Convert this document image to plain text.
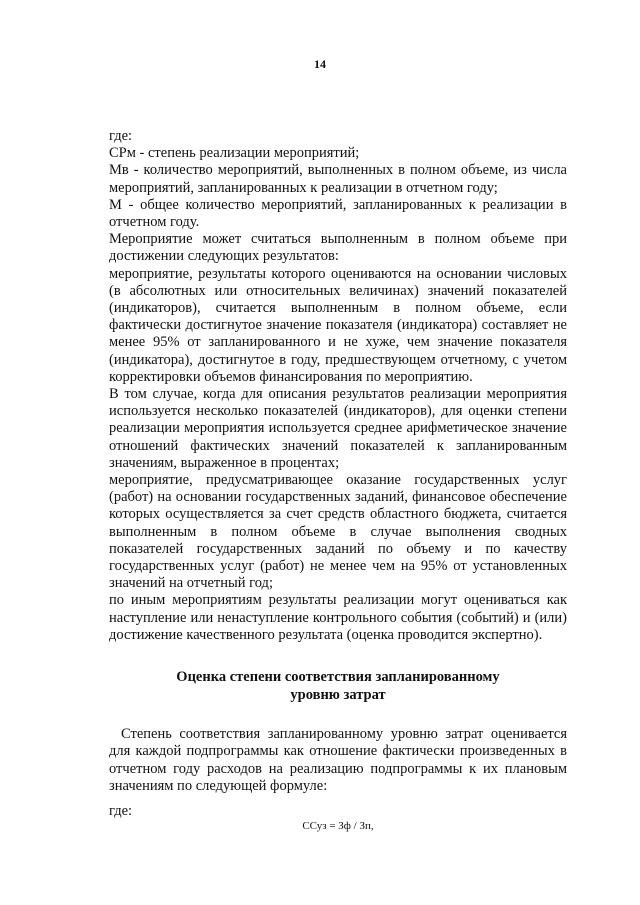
14

где:

СРм - степень реализации мероприятий;

Мв - количество мероприятий, выполненных в полном объеме, из числа мероприятий, запланированных к реализации в отчетном году;

М - общее количество мероприятий, запланированных к реализации в отчетном году.

Мероприятие может считаться выполненным в полном объеме при достижении следующих результатов:

мероприятие, результаты которого оцениваются на основании числовых (в абсолютных или относительных величинах) значений показателей (индикаторов), считается выполненным в полном объеме, если фактически достигнутое значение показателя (индикатора) составляет не менее 95% от запланированного и не хуже, чем значение показателя (индикатора), достигнутое в году, предшествующем отчетному, с учетом корректировки объемов финансирования по мероприятию.

В том случае, когда для описания результатов реализации мероприятия используется несколько показателей (индикаторов), для оценки степени реализации мероприятия используется среднее арифметическое значение отношений фактических значений показателей к запланированным значениям, выраженное в процентах;

мероприятие, предусматривающее оказание государственных услуг (работ) на основании государственных заданий, финансовое обеспечение которых осуществляется за счет средств областного бюджета, считается выполненным в полном объеме в случае выполнения сводных показателей государственных заданий по объему и по качеству государственных услуг (работ) не менее чем на 95% от установленных значений на отчетный год;

по иным мероприятиям результаты реализации могут оцениваться как наступление или ненаступление контрольного события (событий) и (или) достижение качественного результата (оценка проводится экспертно).

Оценка степени соответствия запланированному
уровню затрат

Степень соответствия запланированному уровню затрат оценивается для каждой подпрограммы как отношение фактически произведенных в отчетном году расходов на реализацию подпрограммы к их плановым значениям по следующей формуле:

ССуз = Зф / Зп,

где:
